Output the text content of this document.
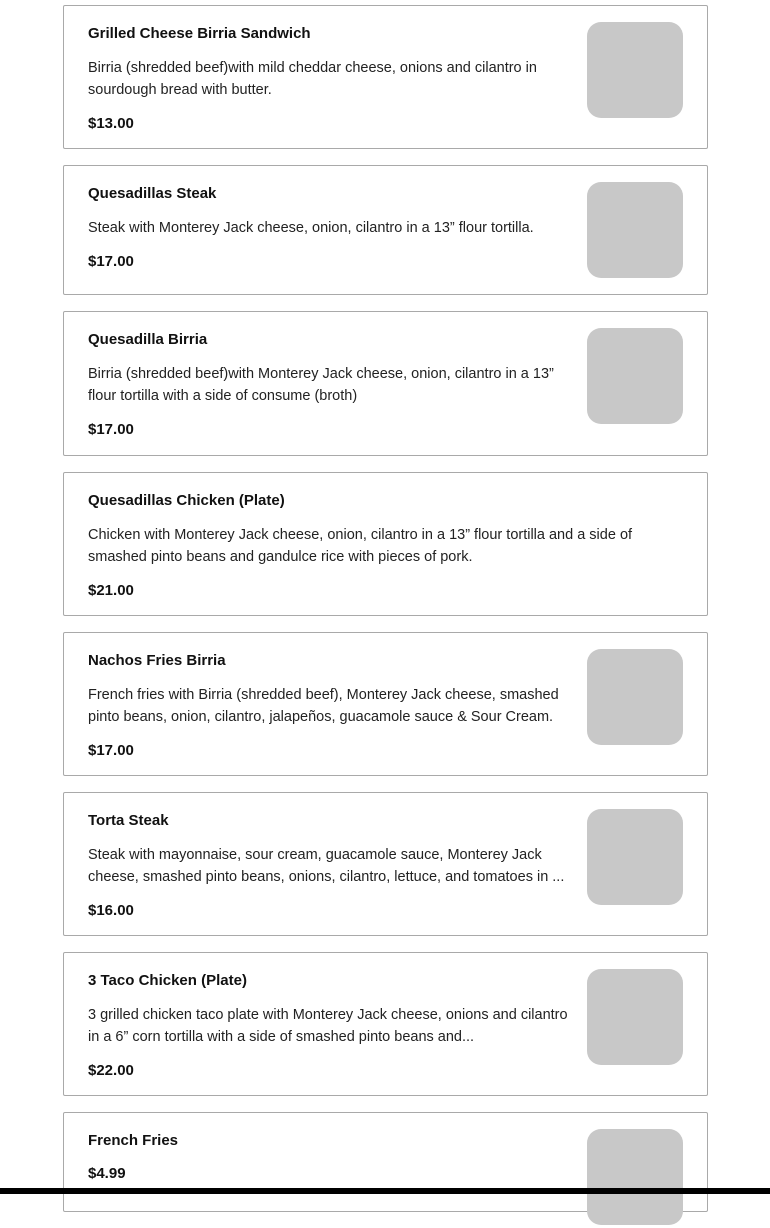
Grilled Cheese Birria Sandwich
Birria (shredded beef)with mild cheddar cheese, onions and cilantro in sourdough bread with butter.
$13.00
Quesadillas Steak
Steak with Monterey Jack cheese, onion, cilantro in a 13” flour tortilla.
$17.00
Quesadilla Birria
Birria (shredded beef)with Monterey Jack cheese, onion, cilantro in a 13” flour tortilla with a side of consume (broth)
$17.00
Quesadillas Chicken (Plate)
Chicken with Monterey Jack cheese, onion, cilantro in a 13” flour tortilla and a side of smashed pinto beans and gandulce rice with pieces of pork.
$21.00
Nachos Fries Birria
French fries with Birria (shredded beef), Monterey Jack cheese, smashed pinto beans, onion, cilantro, jalapeños, guacamole sauce & Sour Cream.
$17.00
Torta Steak
Steak with mayonnaise, sour cream, guacamole sauce, Monterey Jack cheese, smashed pinto beans, onions, cilantro, lettuce, and tomatoes in ...
$16.00
3 Taco Chicken (Plate)
3 grilled chicken taco plate with Monterey Jack cheese, onions and cilantro in a 6” corn tortilla with a side of smashed pinto beans and...
$22.00
French Fries
$4.99
